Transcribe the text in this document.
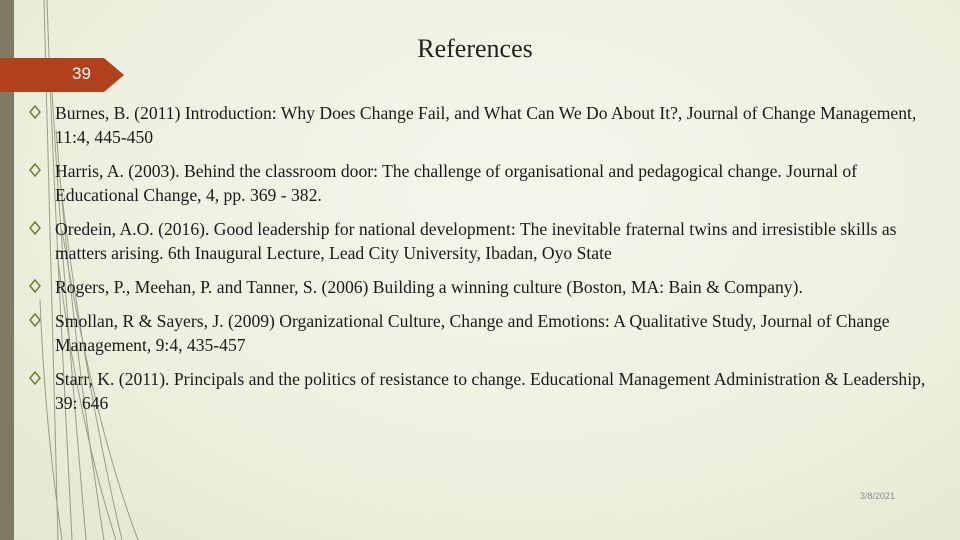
39
References
Burnes, B. (2011) Introduction: Why Does Change Fail, and What Can We Do About It?, Journal of Change Management, 11:4, 445-450
Harris, A. (2003). Behind the classroom door: The challenge of organisational and pedagogical change. Journal of Educational Change, 4, pp. 369 - 382.
Oredein, A.O. (2016). Good leadership for national development: The inevitable fraternal twins and irresistible skills as matters arising. 6th Inaugural Lecture, Lead City University, Ibadan, Oyo State
Rogers, P., Meehan, P. and Tanner, S. (2006) Building a winning culture (Boston, MA: Bain & Company).
Smollan, R & Sayers, J. (2009) Organizational Culture, Change and Emotions: A Qualitative Study, Journal of Change Management, 9:4, 435-457
Starr, K. (2011). Principals and the politics of resistance to change. Educational Management Administration & Leadership, 39: 646
3/8/2021
